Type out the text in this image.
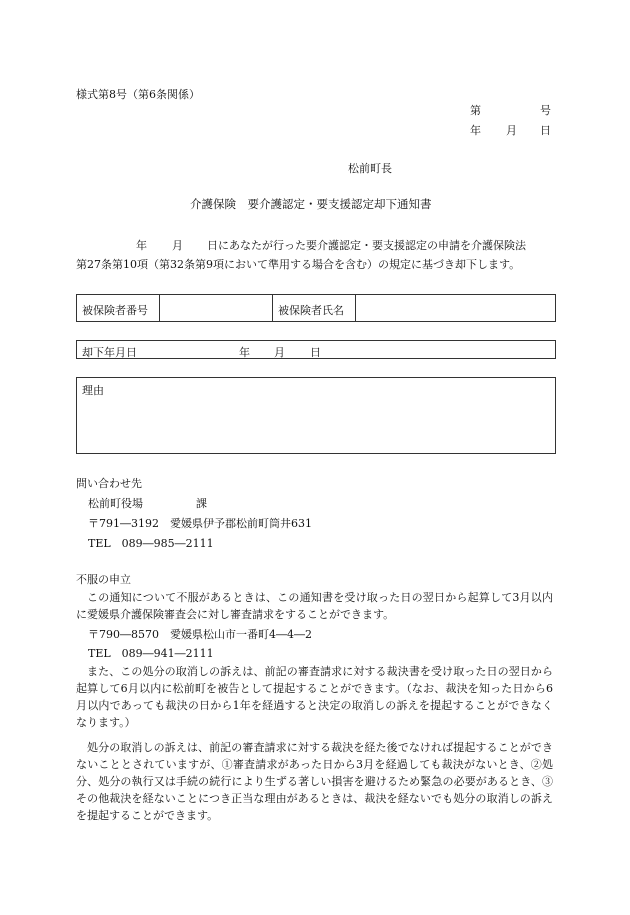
様式第8号（第6条関係）
第	号
年 月 日
松前町長
介護保険　要介護認定・要支援認定却下通知書
年 月 日にあなたが行った要介護認定・要支援認定の申請を介護保険法
第27条第10項（第32条第9項において準用する場合を含む）の規定に基づき却下します。
被保険者番号	被保険者氏名
却下年月日	年 月 日
理由
問い合わせ先
松前町役場	課
〒791―3192　愛媛県伊予郡松前町筒井631
TEL　089―985―2111
不服の申立

この通知について不服があるときは、この通知書を受け取った日の翌日から起算して3月以内に愛媛県介護保険審査会に対し審査請求をすることができます。

〒790―8570　愛媛県松山市一番町4―4―2
TEL　089―941―2111

また、この処分の取消しの訴えは、前記の審査請求に対する裁決書を受け取った日の翌日から起算して6月以内に松前町を被告として提起することができます。（なお、裁決を知った日から6月以内であっても裁決の日から1年を経過すると決定の取消しの訴えを提起することができなくなります。）

処分の取消しの訴えは、前記の審査請求に対する裁決を経た後でなければ提起することができないこととされていますが、①審査請求があった日から3月を経過しても裁決がないとき、②処分、処分の執行又は手続の続行により生ずる著しい損害を避けるため緊急の必要があるとき、③その他裁決を経ないことにつき正当な理由があるときは、裁決を経ないでも処分の取消しの訴えを提起することができます。
